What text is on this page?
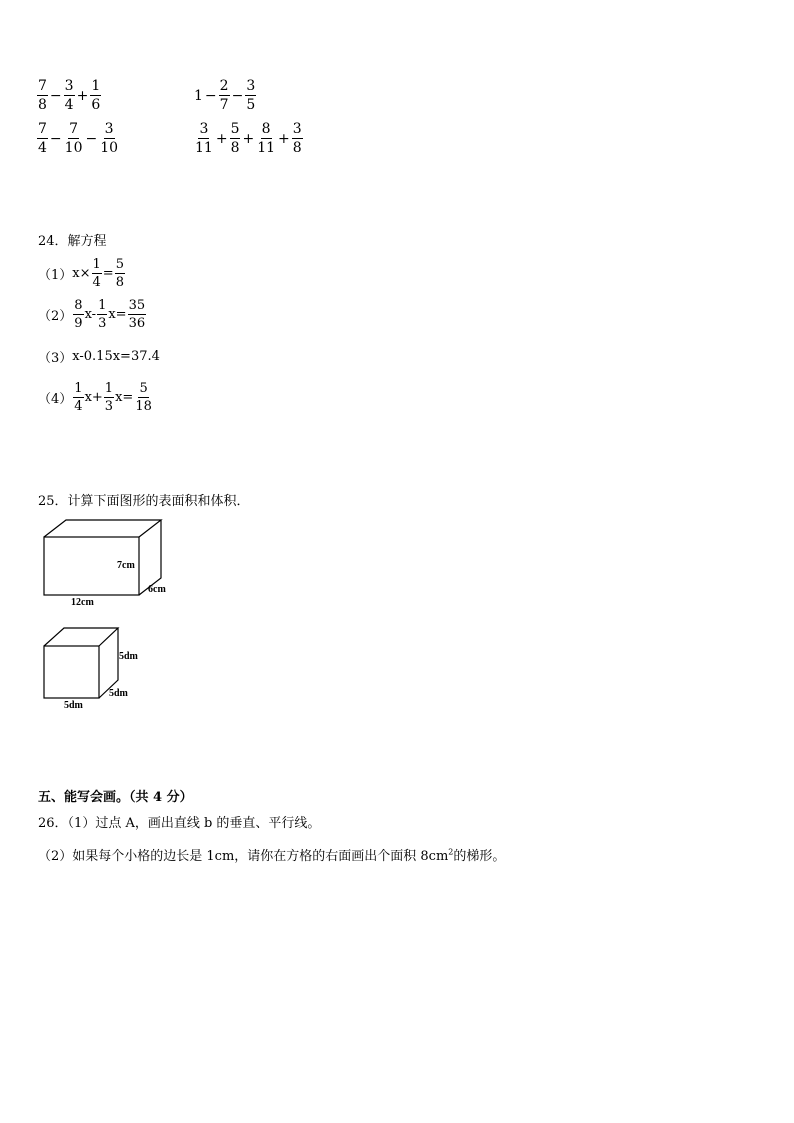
$\frac{7}{8} - \frac{3}{4} + \frac{1}{6}$	$1 - \frac{2}{7} - \frac{3}{5}$
$\frac{7}{4} - \frac{7}{10} - \frac{3}{10}$	$\frac{3}{11} + \frac{5}{8} + \frac{8}{11} + \frac{3}{8}$
24．解方程
（1） $x\times \frac{1}{4} = \frac{5}{8}$
$(2) \frac{8}{9} x- \frac{1}{3} x= \frac{35}{36}$
（3） x-0.15x=37.4
$(4) \frac{1}{4} x+ \frac{1}{3} x= \frac{5}{18}$
25．计算下面图形的表面积和体积．
7cm
6cm
12cm
5dm
5dm
5dm
五、能写会画。（共 4 分）
26．（1）过点 A，画出直线 b 的垂直、平行线。
（2）如果每个小格的边长是 1cm，请你在方格的右面画出个面积 $8cm^2$的梯形。
